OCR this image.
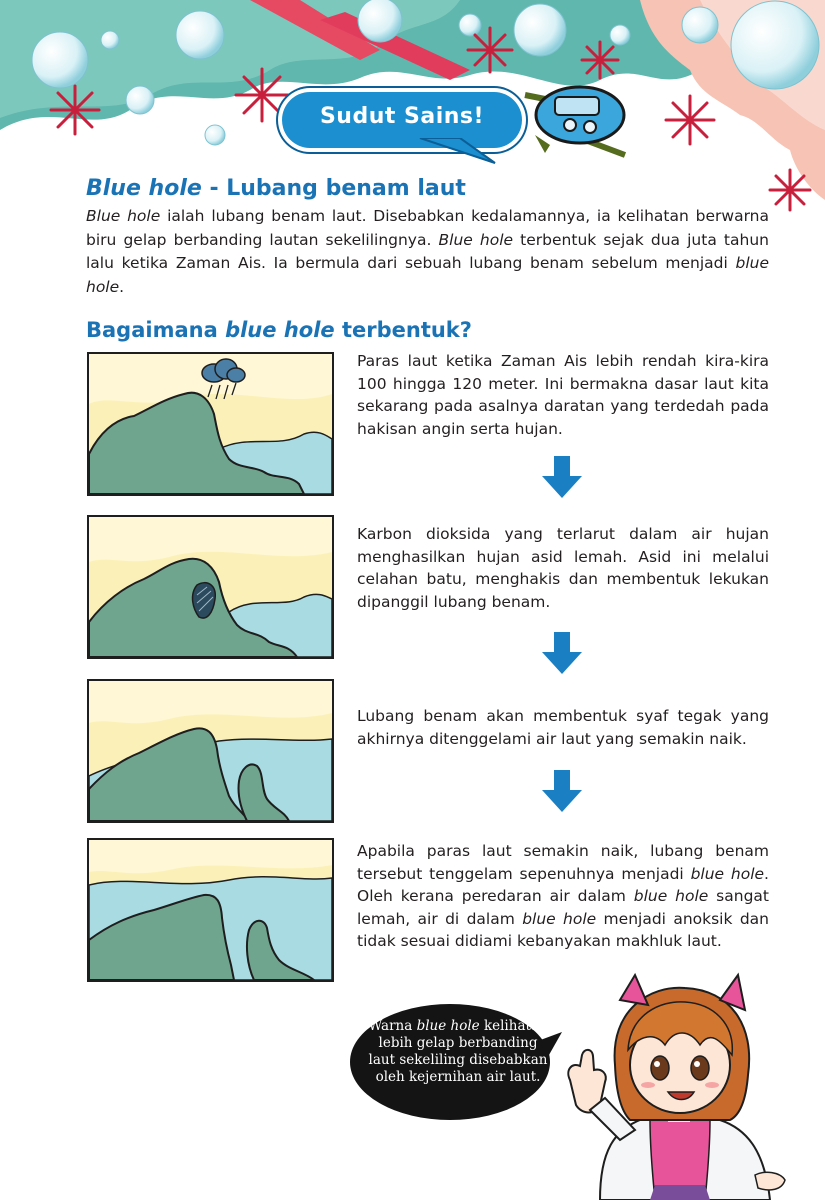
Sudut Sains!
Blue hole - Lubang benam laut

Blue hole ialah lubang benam laut. Disebabkan kedalamannya, ia kelihatan berwarna biru gelap berbanding lautan sekelilingnya. Blue hole terbentuk sejak dua juta tahun lalu ketika Zaman Ais. Ia bermula dari sebuah lubang benam sebelum menjadi blue hole.

Bagaimana blue hole terbentuk?

Paras laut ketika Zaman Ais lebih rendah kira-kira 100 hingga 120 meter. Ini bermakna dasar laut kita sekarang pada asalnya daratan yang terdedah pada hakisan angin serta hujan.

Karbon dioksida yang terlarut dalam air hujan menghasilkan hujan asid lemah. Asid ini melalui celahan batu, menghakis dan membentuk lekukan dipanggil lubang benam.

Lubang benam akan membentuk syaf tegak yang akhirnya ditenggelami air laut yang semakin naik.

Apabila paras laut semakin naik, lubang benam tersebut tenggelam sepenuhnya menjadi blue hole. Oleh kerana peredaran air dalam blue hole sangat lemah, air di dalam blue hole menjadi anoksik dan tidak sesuai didiami kebanyakan makhluk laut.

Warna blue hole kelihatan lebih gelap berbanding laut sekeliling disebabkan oleh kejernihan air laut.
